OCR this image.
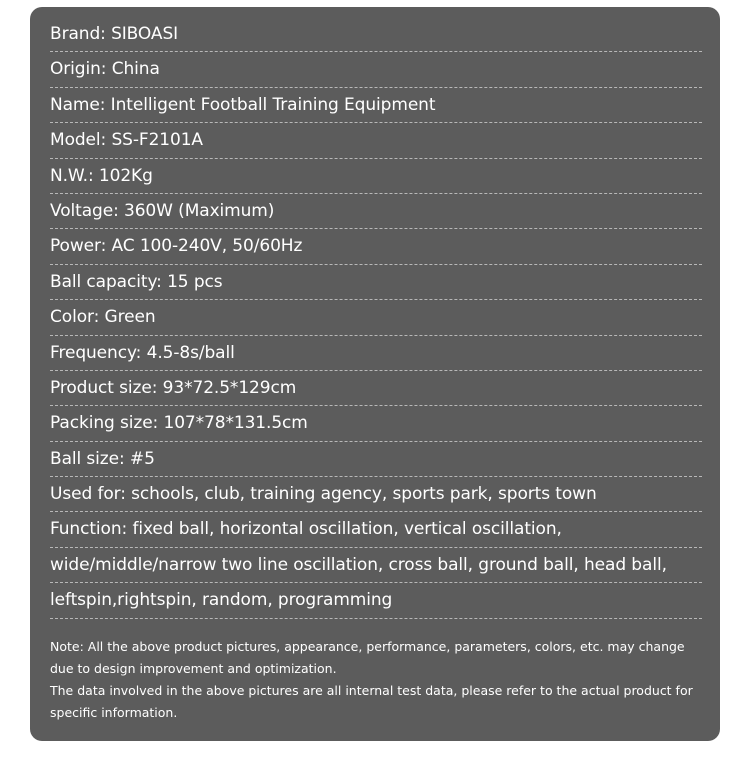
Brand: SIBOASI
Origin: China
Name: Intelligent Football Training Equipment
Model: SS-F2101A
N.W.: 102Kg
Voltage: 360W (Maximum)
Power: AC 100-240V, 50/60Hz
Ball capacity: 15 pcs
Color: Green
Frequency: 4.5-8s/ball
Product size: 93*72.5*129cm
Packing size: 107*78*131.5cm
Ball size: #5
Used for: schools, club, training agency, sports park, sports town
Function: fixed ball, horizontal oscillation, vertical oscillation,
wide/middle/narrow two line oscillation, cross ball, ground ball, head ball,
leftspin,rightspin, random, programming

Note: All the above product pictures, appearance, performance, parameters, colors, etc. may change due to design improvement and optimization.

The data involved in the above pictures are all internal test data, please refer to the actual product for specific information.
